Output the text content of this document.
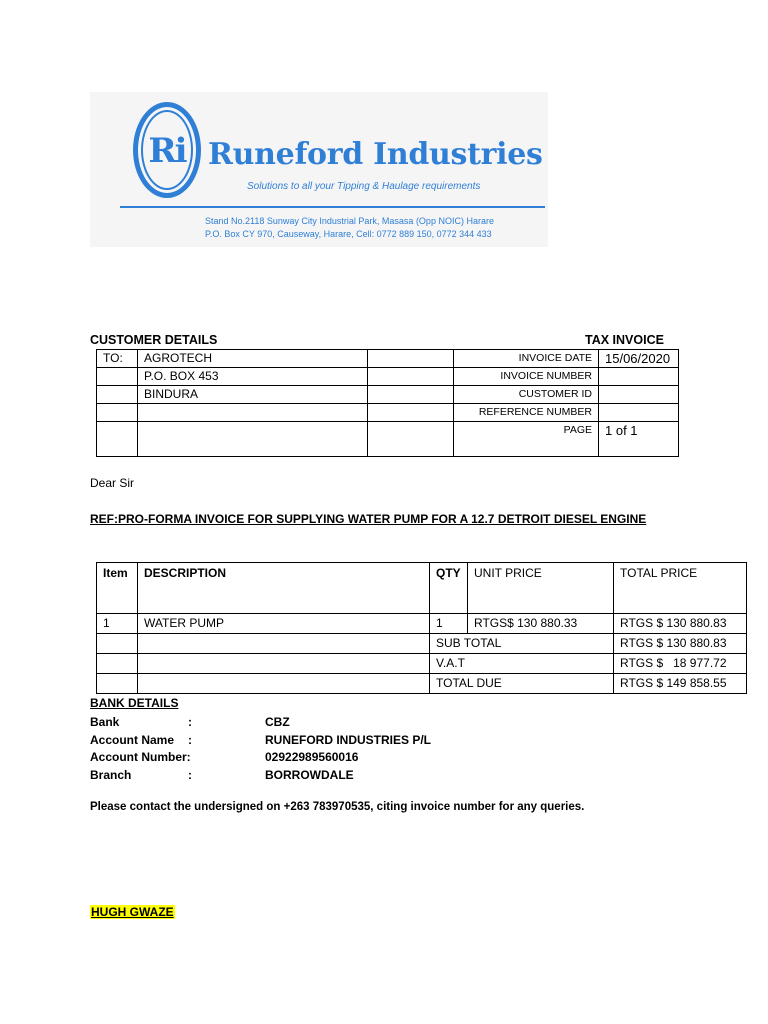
Ri Runeford Industries
Solutions to all your Tipping & Haulage requirements
Stand No.2118 Sunway City Industrial Park, Masasa (Opp NOIC) Harare
P.O. Box CY 970, Causeway, Harare, Cell: 0772 889 150, 0772 344 433
CUSTOMER DETAILS	TAX INVOICE
TO:	AGROTECH		INVOICE DATE	15/06/2020
	P.O. BOX 453		INVOICE NUMBER	
	BINDURA		CUSTOMER ID	
			REFERENCE NUMBER	
			PAGE	1 of 1
Dear Sir
REF:PRO-FORMA INVOICE FOR SUPPLYING WATER PUMP FOR A 12.7 DETROIT DIESEL ENGINE
Item	DESCRIPTION	QTY	UNIT PRICE	TOTAL PRICE
1	WATER PUMP	1	RTGS$ 130 880.33	RTGS $ 130 880.83
		SUB TOTAL		RTGS $ 130 880.83
		V.A.T		RTGS $   18 977.72
		TOTAL DUE		RTGS $ 149 858.55
BANK DETAILS
Bank	:	CBZ
Account Name :	RUNEFORD INDUSTRIES P/L
Account Number:	02922989560016
Branch	:	BORROWDALE
Please contact the undersigned on +263 783970535, citing invoice number for any queries.
HUGH GWAZE
